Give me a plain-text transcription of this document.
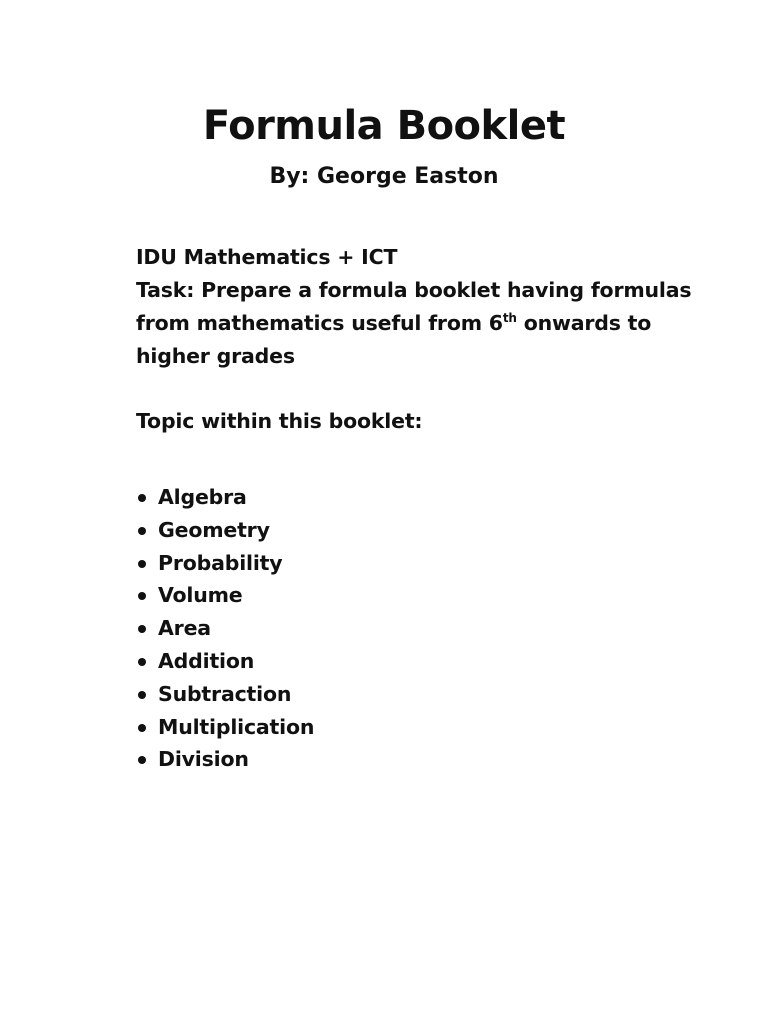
Formula Booklet
By: George Easton

IDU Mathematics + ICT

Task: Prepare a formula booklet having formulas from mathematics useful from 6th onwards to higher grades

Topic within this booklet:

Algebra
Geometry
Probability
Volume
Area
Addition
Subtraction
Multiplication
Division
